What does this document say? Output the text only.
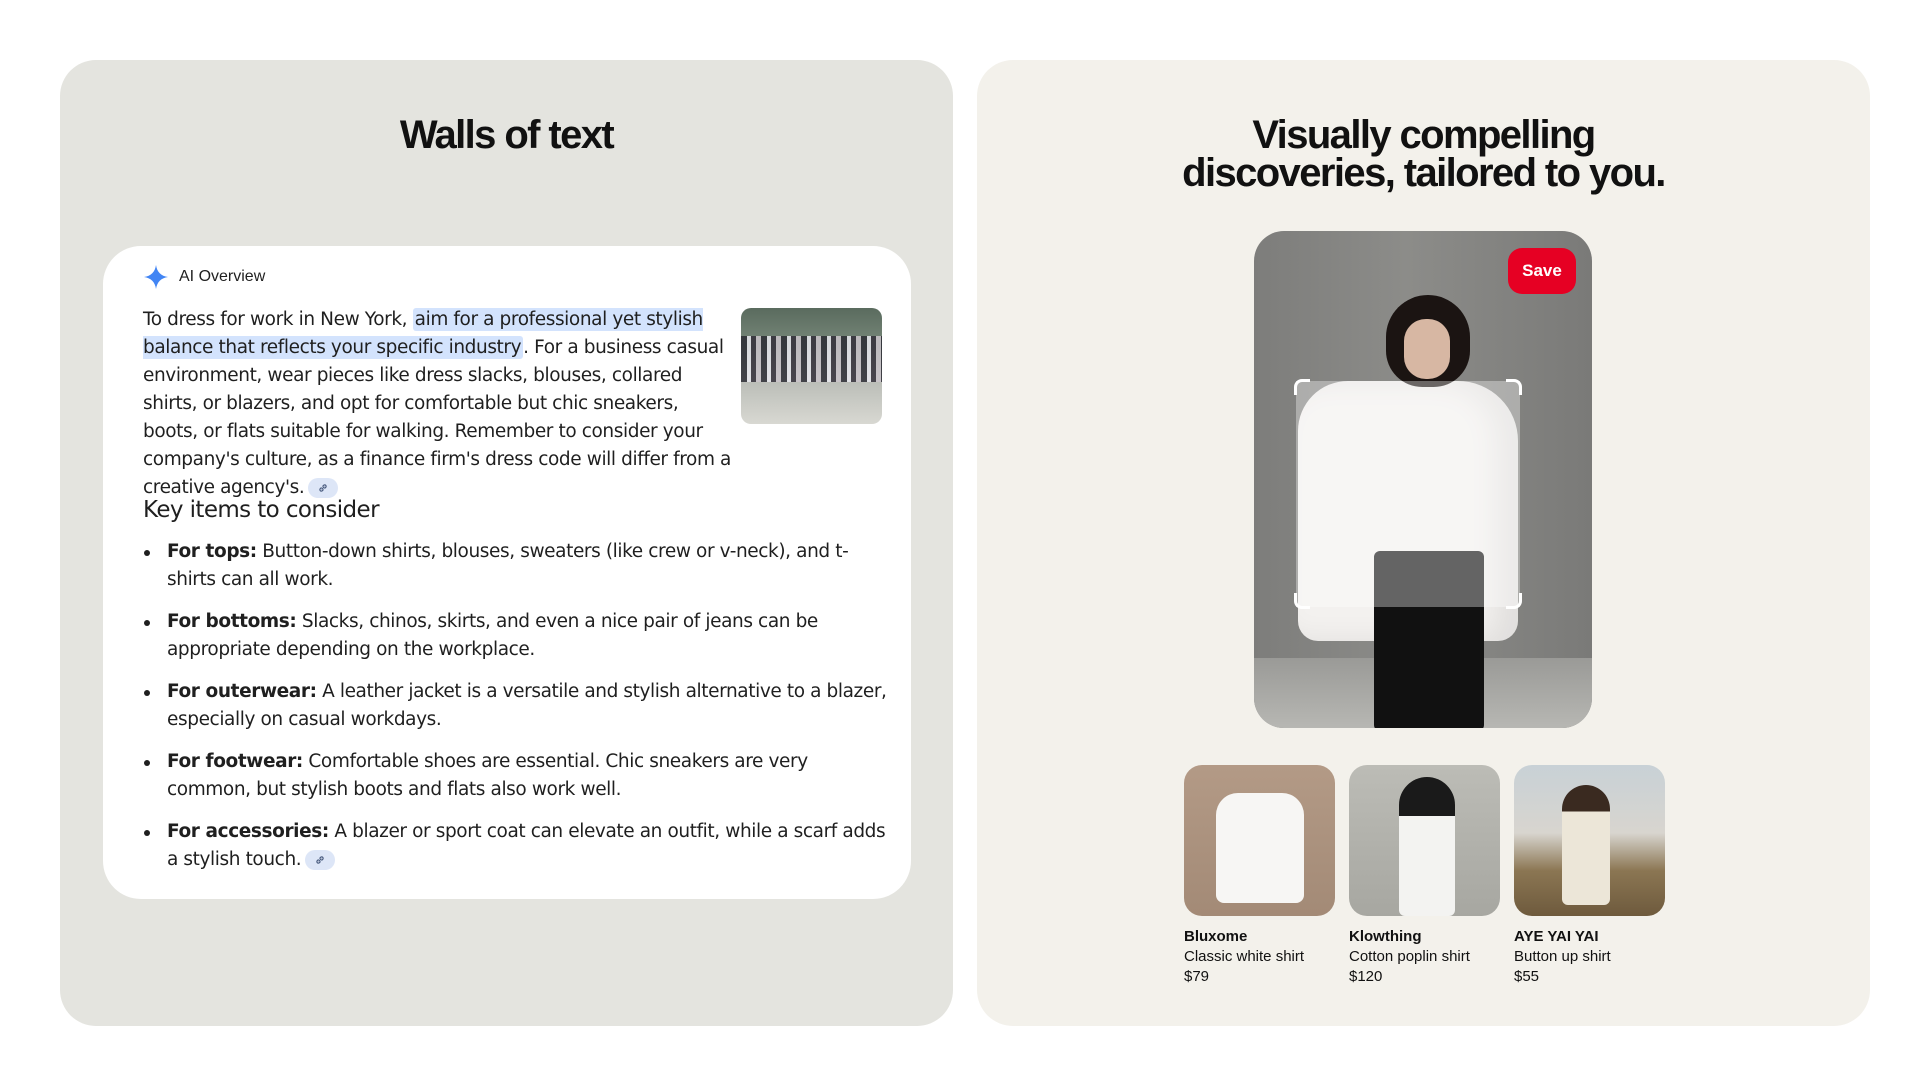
Walls of text
AI Overview

To dress for work in New York, aim for a professional yet stylish balance that reflects your specific industry . For a business casual environment, wear pieces like dress slacks, blouses, collared shirts, or blazers, and opt for comfortable but chic sneakers, boots, or flats suitable for walking. Remember to consider your company's culture, as a finance firm's dress code will differ from a creative agency's.

Key items to consider
For tops: Button-down shirts, blouses, sweaters (like crew or v-neck), and t-shirts can all work.
For bottoms: Slacks, chinos, skirts, and even a nice pair of jeans can be appropriate depending on the workplace.
For outerwear: A leather jacket is a versatile and stylish alternative to a blazer, especially on casual workdays.
For footwear: Comfortable shoes are essential. Chic sneakers are very common, but stylish boots and flats also work well.
For accessories: A blazer or sport coat can elevate an outfit, while a scarf adds a stylish touch.
Visually compelling
discoveries, tailored to you.
Save
Bluxome
Classic white shirt
$79
Klowthing
Cotton poplin shirt
$120
AYE YAI YAI
Button up shirt
$55
